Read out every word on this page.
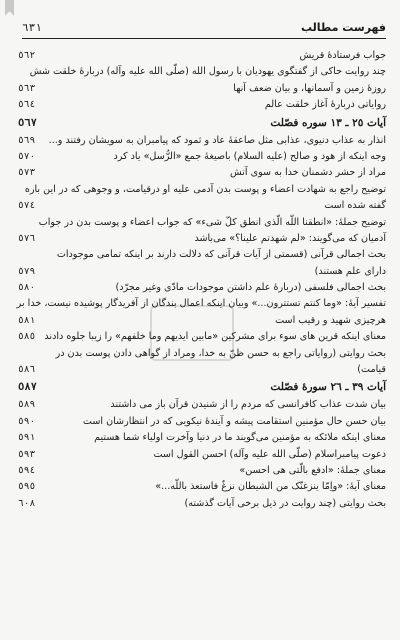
فهرست مطالب
٦٣١
جواب فرستادهٔ قریش
٥٦٢
چند روایت حاکی از گفتگوی یهودیان با رسول الله (صلّی الله علیه وآله) دربارهٔ خلقت شش
روزهٔ زمین و آسمانها، و بیان ضعف آنها
٥٦٣
روایاتی دربارهٔ آغاز خلقت عالم
٥٦٤
آیات ٢٥ ـ ١٣ سوره فصّلت
٥٦٧
انذار به عذاب دنیوی، عذابی مثل صاعقهٔ عاد و ثمود که پیامبران به سویشان رفتند و...
٥٦٩
وجه اینکه از هود و صالح (علیه السلام) باصیغهٔ جمع «الرُّسل» یاد کرد
٥٧٠
مراد از حشر دشمنان خدا به سوی آتش
٥٧٣
توضیح راجع به شهادت اعضاء و پوست بدن آدمی علیه او درقیامت، و وجوهی که در این باره
گفته شده است
٥٧٤
توضیح جملهٔ: «انطقنا اللّه الّذی انطق کلّ شیء» که جواب اعضاء و پوست بدن در جواب
آدمیان که می‌گویند: «لم شهدتم علینا؟» می‌باشد
٥٧٦
بحث اجمالی قرآنی (قسمتی از آیات قرآنی که دلالت دارند بر اینکه تمامی موجودات
دارای علم هستند)
٥٧٩
بحث اجمالی فلسفی (دربارهٔ علم داشتن موجودات مادّی وغیر مجرّد)
٥٨٠
تفسیر آیهٔ: «وما کنتم تستترون...» وبیان اینکه اعمال بندگان از آفریدگار پوشیده نیست، خدا بر
هرچیزی شهید و رقیب است
٥٨١
معنای اینکه قرین های سوء برای مشرکین «مابین ایدیهم وما خلفهم» را زیبا جلوه دادند
٥٨٥
بحث روایتی (روایاتی راجع به حسن ظنّ به خدا، ومراد از گواهی دادن پوست بدن در
قیامت)
٥٨٦
آیات ٣٩ ـ ٢٦ سورهٔ فصّلت
٥٨٧
بیان شدت عذاب کافرانسی که مردم را از شنیدن قرآن باز می داشتند
٥٨٩
بیان حسن حال مؤمنین استقامت پیشه و آیندهٔ نیکویی که در انتظارشان است
٥٩٠
معنای اینکه ملائکه به مؤمنین می‌گویند ما در دنیا وآخرت اولیاء شما هستیم
٥٩١
دعوت پیامبراسلام (صلّی الله علیه وآله) احسن القول است
٥٩٣
معنای جملهٔ: «ادفع بالّتی هی احسن»
٥٩٤
معنای آیهٔ: «واِمّا ینزغنّک من الشیطان نزغٌ فاستعذ باللّه...»
٥٩٥
بحث روایتی (چند روایت در ذیل برخی آیات گذشته)
٦٠٨
